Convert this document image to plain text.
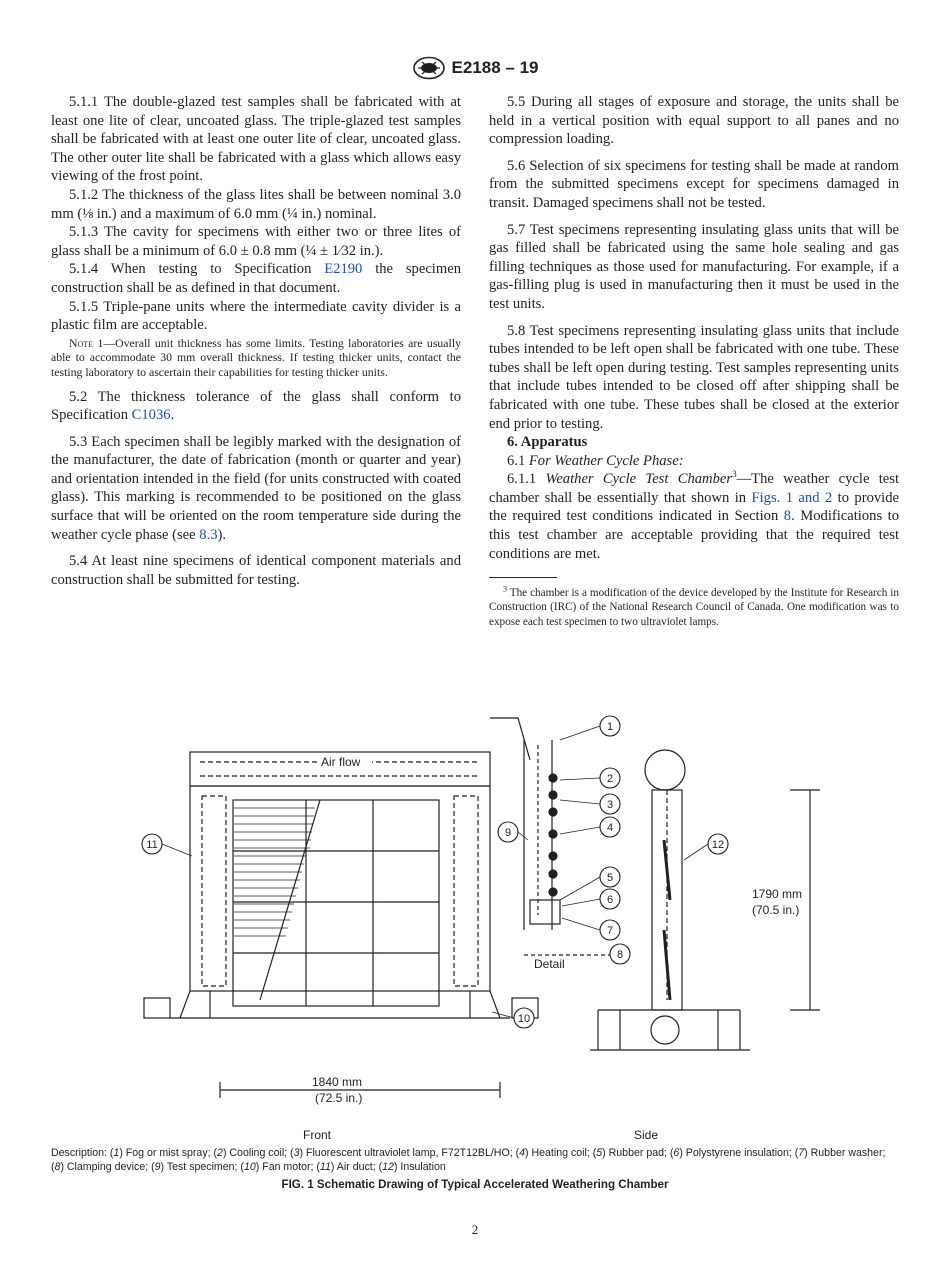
E2188 – 19

5.1.1 The double-glazed test samples shall be fabricated with at least one lite of clear, uncoated glass. The triple-glazed test samples shall be fabricated with at least one outer lite of clear, uncoated glass. The other outer lite shall be fabricated with a glass which allows easy viewing of the frost point.

5.1.2 The thickness of the glass lites shall be between nominal 3.0 mm (⅛ in.) and a maximum of 6.0 mm (¼ in.) nominal.

5.1.3 The cavity for specimens with either two or three lites of glass shall be a minimum of 6.0 ± 0.8 mm (¼ ± 1⁄32 in.).

5.1.4 When testing to Specification E2190 the specimen construction shall be as defined in that document.

5.1.5 Triple-pane units where the intermediate cavity divider is a plastic film are acceptable.

Note 1—Overall unit thickness has some limits. Testing laboratories are usually able to accommodate 30 mm overall thickness. If testing thicker units, contact the testing laboratory to ascertain their capabilities for testing thicker units.

5.2 The thickness tolerance of the glass shall conform to Specification C1036.

5.3 Each specimen shall be legibly marked with the designation of the manufacturer, the date of fabrication (month or quarter and year) and orientation intended in the field (for units constructed with coated glass). This marking is recommended to be positioned on the glass surface that will be oriented on the room temperature side during the weather cycle phase (see 8.3).

5.4 At least nine specimens of identical component materials and construction shall be submitted for testing.

5.5 During all stages of exposure and storage, the units shall be held in a vertical position with equal support to all panes and no compression loading.

5.6 Selection of six specimens for testing shall be made at random from the submitted specimens except for specimens damaged in transit. Damaged specimens shall not be tested.

5.7 Test specimens representing insulating glass units that will be gas filled shall be fabricated using the same hole sealing and gas filling techniques as those used for manufacturing. For example, if a gas-filling plug is used in manufacturing then it must be used in the test units.

5.8 Test specimens representing insulating glass units that include tubes intended to be left open shall be fabricated with one tube. These tubes shall be left open during testing. Test samples representing units that include tubes intended to be closed off after shipping shall be fabricated with one tube. These tubes shall be closed at the exterior end prior to testing.

6. Apparatus

6.1 For Weather Cycle Phase:

6.1.1 Weather Cycle Test Chamber$^3$—The weather cycle test chamber shall be essentially that shown in Figs. 1 and 2 to provide the required test conditions indicated in Section 8. Modifications to this test chamber are acceptable providing that the required test conditions are met.

$^3$ The chamber is a modification of the device developed by the Institute for Research in Construction (IRC) of the National Research Council of Canada. One modification was to expose each test specimen to two ultraviolet lamps.
1
2
3
4
5
6
7
8
9
10
11	12
Air flow
Detail
1840 mm
(72.5 in.)
1790 mm
(70.5 in.)
Front	Side
Description: (1) Fog or mist spray; (2) Cooling coil; (3) Fluorescent ultraviolet lamp, F72T12BL/HO; (4) Heating coil; (5) Rubber pad; (6) Polystyrene insulation; (7) Rubber washer; (8) Clamping device; (9) Test specimen; (10) Fan motor; (11) Air duct; (12) Insulation
FIG. 1 Schematic Drawing of Typical Accelerated Weathering Chamber
2
